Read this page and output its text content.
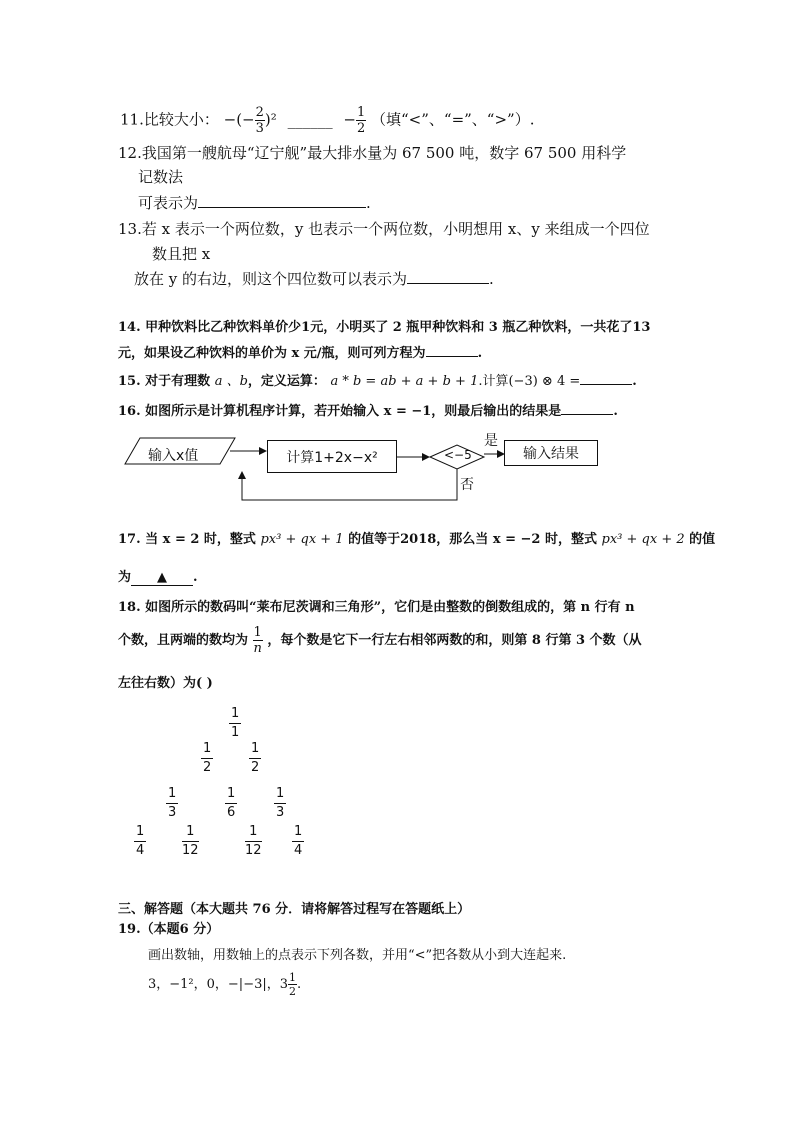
11.比较大小： −(− $\frac{2}{3} )^2$ ______ − $\frac{1}{2}$ （填“<”、“=”、“>”）.
12.我国第一艘航母“辽宁舰”最大排水量为 67 500 吨，数字 67 500 用科学
记数法
可表示为	.
13.若 x 表示一个两位数，y 也表示一个两位数，小明想用 x、y 来组成一个四位
数且把 x
放在 y 的右边，则这个四位数可以表示为	.
14. 甲种饮料比乙种饮料单价少1元，小明买了 2 瓶甲种饮料和 3 瓶乙种饮料，一共花了13
元，如果设乙种饮料的单价为 x 元/瓶，则可列方程为	.
15. 对于有理数 a 、b，定义运算： a * b = ab + a + b + 1.计算(−3) ⊗ 4 =	.
16. 如图所示是计算机程序计算，若开始输入 x = −1，则最后输出的结果是	.
输入x值	计算1+2x−x²	<−5
是
否
输入结果
17. 当 x = 2 时，整式 px³ + qx + 1 的值等于2018，那么当 x = −2 时，整式 px³ + qx + 2 的值
为 ▲ .
18. 如图所示的数码叫“莱布尼茨调和三角形”，它们是由整数的倒数组成的，第 n 行有 n
个数，且两端的数均为 $\frac{1}{n}$ ，每个数是它下一行左右相邻两数的和，则第 8 行第 3 个数（从
左往右数）为( )
$\frac{1}{1}$
$\frac{1}{2}$	$\frac{1}{2}$
$\frac{1}{3}$	$\frac{1}{6}$	$\frac{1}{3}$
$\frac{1}{4}$	$\frac{1}{12}$	$\frac{1}{12} \frac{1}{4}$
三、解答题（本大题共 76 分．请将解答过程写在答题纸上）
19.（本题6 分）
画出数轴，用数轴上的点表示下列各数，并用“<”把各数从小到大连起来.
3，−1²，0，−|−3|，$3 \frac{1}{2}$ .
